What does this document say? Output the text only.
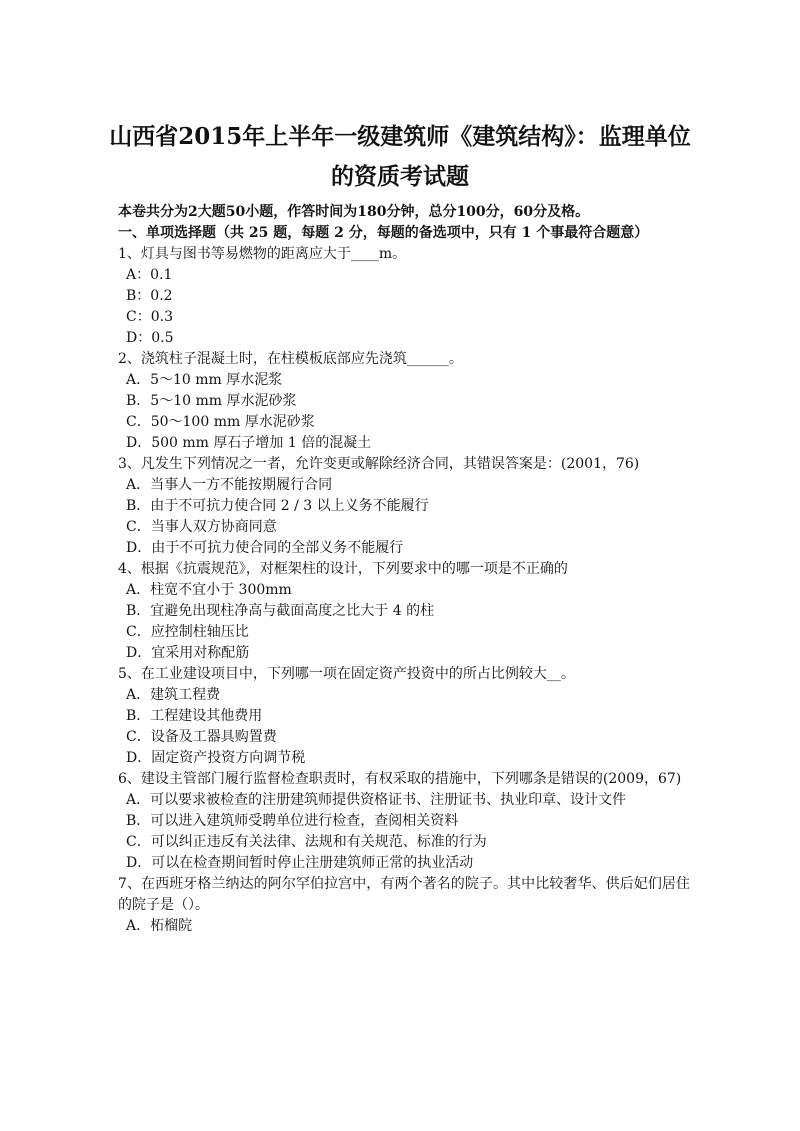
山西省2015年上半年一级建筑师《建筑结构》：监理单位
的资质考试题
本卷共分为2大题50小题，作答时间为180分钟，总分100分，60分及格。
一、单项选择题（共 25 题，每题 2 分，每题的备选项中，只有 1 个事最符合题意）
1、灯具与图书等易燃物的距离应大于____m。
A：0.1
B：0.2
C：0.3
D：0.5
2、浇筑柱子混凝土时，在柱模板底部应先浇筑______。
A．5～10 mm 厚水泥浆
B．5～10 mm 厚水泥砂浆
C．50～100 mm 厚水泥砂浆
D．500 mm 厚石子增加 1 倍的混凝土
3、凡发生下列情况之一者，允许变更或解除经济合同，其错误答案是：(2001，76)
A．当事人一方不能按期履行合同
B．由于不可抗力使合同 2 / 3 以上义务不能履行
C．当事人双方协商同意
D．由于不可抗力使合同的全部义务不能履行
4、根据《抗震规范》，对框架柱的设计，下列要求中的哪一项是不正确的
A．柱宽不宜小于 300mm
B．宜避免出现柱净高与截面高度之比大于 4 的柱
C．应控制柱轴压比
D．宜采用对称配筋
5、在工业建设项目中，下列哪一项在固定资产投资中的所占比例较大__。
A．建筑工程费
B．工程建设其他费用
C．设备及工器具购置费
D．固定资产投资方向调节税
6、建设主管部门履行监督检查职责时，有权采取的措施中，下列哪条是错误的(2009，67)
A．可以要求被检查的注册建筑师提供资格证书、注册证书、执业印章、设计文件
B．可以进入建筑师受聘单位进行检查，查阅相关资料
C．可以纠正违反有关法律、法规和有关规范、标准的行为
D．可以在检查期间暂时停止注册建筑师正常的执业活动
7、在西班牙格兰纳达的阿尔罕伯拉宫中，有两个著名的院子。其中比较奢华、供后妃们居住的院子是（）。
A．柘榴院
